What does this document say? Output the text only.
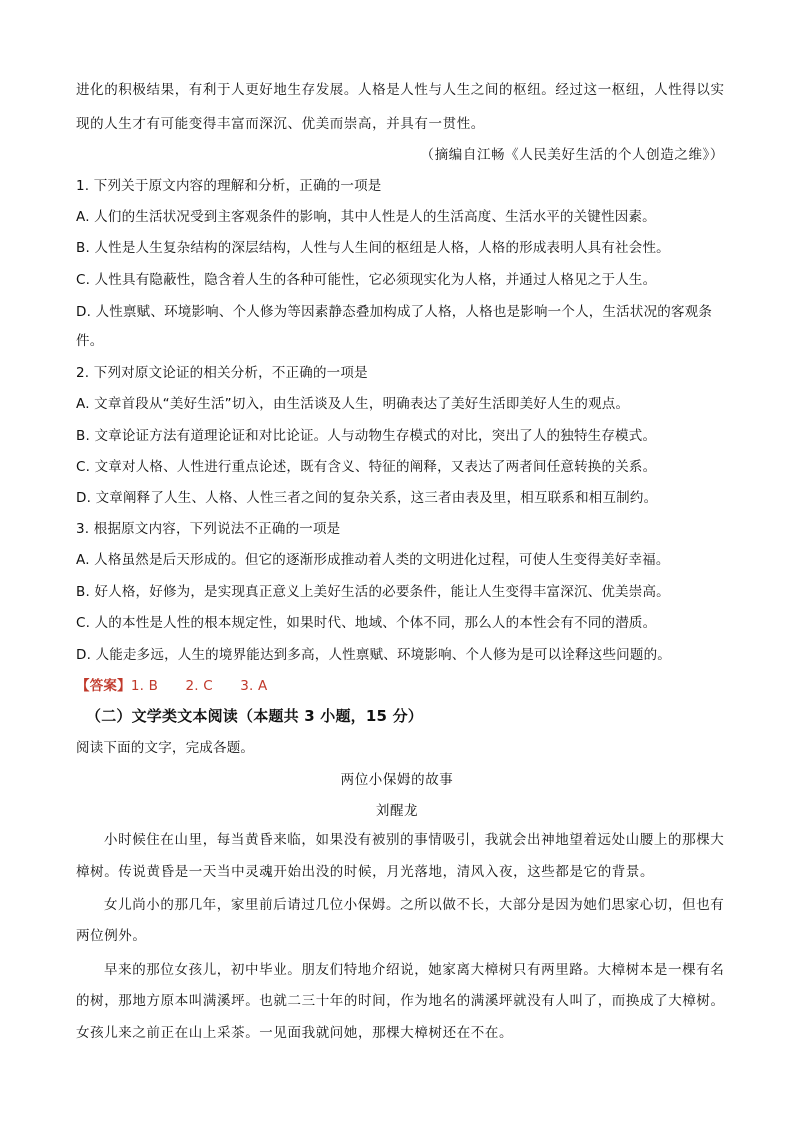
进化的积极结果，有利于人更好地生存发展。人格是人性与人生之间的枢纽。经过这一枢纽，人性得以实
现的人生才有可能变得丰富而深沉、优美而崇高，并具有一贯性。
（摘编自江畅《人民美好生活的个人创造之维》）
1. 下列关于原文内容的理解和分析，正确的一项是
A. 人们的生活状况受到主客观条件的影响，其中人性是人的生活高度、生活水平的关键性因素。
B. 人性是人生复杂结构的深层结构，人性与人生间的枢纽是人格，人格的形成表明人具有社会性。
C. 人性具有隐蔽性，隐含着人生的各种可能性，它必须现实化为人格，并通过人格见之于人生。
D. 人性禀赋、环境影响、个人修为等因素静态叠加构成了人格，人格也是影响一个人，生活状况的客观条
件。
2. 下列对原文论证的相关分析，不正确的一项是
A. 文章首段从“美好生活”切入，由生活谈及人生，明确表达了美好生活即美好人生的观点。
B. 文章论证方法有道理论证和对比论证。人与动物生存模式的对比，突出了人的独特生存模式。
C. 文章对人格、人性进行重点论述，既有含义、特征的阐释，又表达了两者间任意转换的关系。
D. 文章阐释了人生、人格、人性三者之间的复杂关系，这三者由表及里，相互联系和相互制约。
3. 根据原文内容，下列说法不正确的一项是
A. 人格虽然是后天形成的。但它的逐渐形成推动着人类的文明进化过程，可使人生变得美好幸福。
B. 好人格，好修为，是实现真正意义上美好生活的必要条件，能让人生变得丰富深沉、优美崇高。
C. 人的本性是人性的根本规定性，如果时代、地域、个体不同，那么人的本性会有不同的潜质。
D. 人能走多远，人生的境界能达到多高，人性禀赋、环境影响、个人修为是可以诠释这些问题的。
【答案】1. B　　2. C　　3. A
（二）文学类文本阅读（本题共 3 小题，15 分）
阅读下面的文字，完成各题。
两位小保姆的故事
刘醒龙
小时候住在山里，每当黄昏来临，如果没有被别的事情吸引，我就会出神地望着远处山腰上的那棵大
樟树。传说黄昏是一天当中灵魂开始出没的时候，月光落地，清风入夜，这些都是它的背景。
女儿尚小的那几年，家里前后请过几位小保姆。之所以做不长，大部分是因为她们思家心切，但也有
两位例外。
早来的那位女孩儿，初中毕业。朋友们特地介绍说，她家离大樟树只有两里路。大樟树本是一棵有名
的树，那地方原本叫满溪坪。也就二三十年的时间，作为地名的满溪坪就没有人叫了，而换成了大樟树。
女孩儿来之前正在山上采茶。一见面我就问她，那棵大樟树还在不在。
